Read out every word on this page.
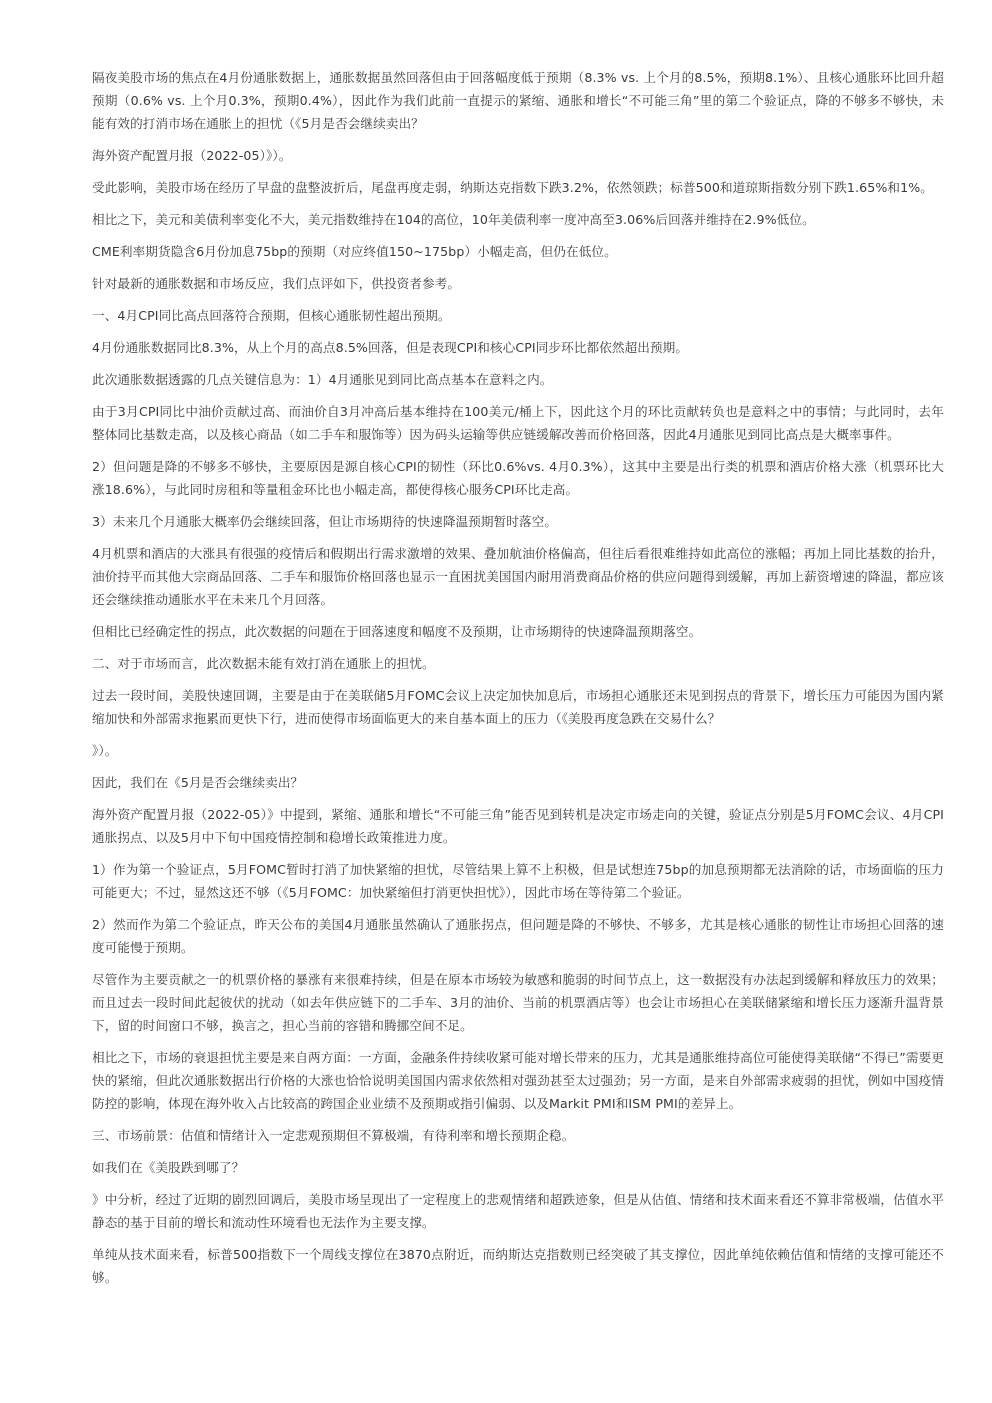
隔夜美股市场的焦点在4月份通胀数据上，通胀数据虽然回落但由于回落幅度低于预期（8.3% vs. 上个月的8.5%，预期8.1%）、且核心通胀环比回升超预期（0.6% vs. 上个月0.3%，预期0.4%），因此作为我们此前一直提示的紧缩、通胀和增长“不可能三角”里的第二个验证点，降的不够多不够快，未能有效的打消市场在通胀上的担忧（《5月是否会继续卖出？

海外资产配置月报（2022-05）》）。

受此影响，美股市场在经历了早盘的盘整波折后，尾盘再度走弱，纳斯达克指数下跌3.2%，依然领跌；标普500和道琼斯指数分别下跌1.65%和1%。

相比之下，美元和美债利率变化不大，美元指数维持在104的高位，10年美债利率一度冲高至3.06%后回落并维持在2.9%低位。

CME利率期货隐含6月份加息75bp的预期（对应终值150~175bp）小幅走高，但仍在低位。

针对最新的通胀数据和市场反应，我们点评如下，供投资者参考。

一、4月CPI同比高点回落符合预期，但核心通胀韧性超出预期。

4月份通胀数据同比8.3%，从上个月的高点8.5%回落，但是表现CPI和核心CPI同步环比都依然超出预期。

此次通胀数据透露的几点关键信息为：1）4月通胀见到同比高点基本在意料之内。

由于3月CPI同比中油价贡献过高、而油价自3月冲高后基本维持在100美元/桶上下，因此这个月的环比贡献转负也是意料之中的事情；与此同时，去年整体同比基数走高，以及核心商品（如二手车和服饰等）因为码头运输等供应链缓解改善而价格回落，因此4月通胀见到同比高点是大概率事件。

2）但问题是降的不够多不够快，主要原因是源自核心CPI的韧性（环比0.6%vs. 4月0.3%），这其中主要是出行类的机票和酒店价格大涨（机票环比大涨18.6%），与此同时房租和等量租金环比也小幅走高，都使得核心服务CPI环比走高。

3）未来几个月通胀大概率仍会继续回落，但让市场期待的快速降温预期暂时落空。

4月机票和酒店的大涨具有很强的疫情后和假期出行需求激增的效果、叠加航油价格偏高，但往后看很难维持如此高位的涨幅；再加上同比基数的抬升，油价持平而其他大宗商品回落、二手车和服饰价格回落也显示一直困扰美国国内耐用消费商品价格的供应问题得到缓解，再加上薪资增速的降温，都应该还会继续推动通胀水平在未来几个月回落。

但相比已经确定性的拐点，此次数据的问题在于回落速度和幅度不及预期，让市场期待的快速降温预期落空。

二、对于市场而言，此次数据未能有效打消在通胀上的担忧。

过去一段时间，美股快速回调，主要是由于在美联储5月FOMC会议上决定加快加息后，市场担心通胀还未见到拐点的背景下，增长压力可能因为国内紧缩加快和外部需求拖累而更快下行，进而使得市场面临更大的来自基本面上的压力（《美股再度急跌在交易什么？

》）。

因此，我们在《5月是否会继续卖出？

海外资产配置月报（2022-05）》中提到，紧缩、通胀和增长“不可能三角”能否见到转机是决定市场走向的关键，验证点分别是5月FOMC会议、4月CPI通胀拐点、以及5月中下旬中国疫情控制和稳增长政策推进力度。

1）作为第一个验证点，5月FOMC暂时打消了加快紧缩的担忧，尽管结果上算不上积极，但是试想连75bp的加息预期都无法消除的话，市场面临的压力可能更大；不过，显然这还不够（《5月FOMC：加快紧缩但打消更快担忧》），因此市场在等待第二个验证。

2）然而作为第二个验证点，昨天公布的美国4月通胀虽然确认了通胀拐点，但问题是降的不够快、不够多，尤其是核心通胀的韧性让市场担心回落的速度可能慢于预期。

尽管作为主要贡献之一的机票价格的暴涨有来很难持续，但是在原本市场较为敏感和脆弱的时间节点上，这一数据没有办法起到缓解和释放压力的效果；而且过去一段时间此起彼伏的扰动（如去年供应链下的二手车、3月的油价、当前的机票酒店等）也会让市场担心在美联储紧缩和增长压力逐渐升温背景下，留的时间窗口不够，换言之，担心当前的容错和腾挪空间不足。

相比之下，市场的衰退担忧主要是来自两方面：一方面，金融条件持续收紧可能对增长带来的压力，尤其是通胀维持高位可能使得美联储“不得已”需要更快的紧缩，但此次通胀数据出行价格的大涨也恰恰说明美国国内需求依然相对强劲甚至太过强劲；另一方面，是来自外部需求疲弱的担忧，例如中国疫情防控的影响，体现在海外收入占比较高的跨国企业业绩不及预期或指引偏弱、以及Markit PMI和ISM PMI的差异上。

三、市场前景：估值和情绪计入一定悲观预期但不算极端，有待利率和增长预期企稳。

如我们在《美股跌到哪了？

》中分析，经过了近期的剧烈回调后，美股市场呈现出了一定程度上的悲观情绪和超跌迹象，但是从估值、情绪和技术面来看还不算非常极端，估值水平静态的基于目前的增长和流动性环境看也无法作为主要支撑。

单纯从技术面来看，标普500指数下一个周线支撑位在3870点附近，而纳斯达克指数则已经突破了其支撑位，因此单纯依赖估值和情绪的支撑可能还不够。
